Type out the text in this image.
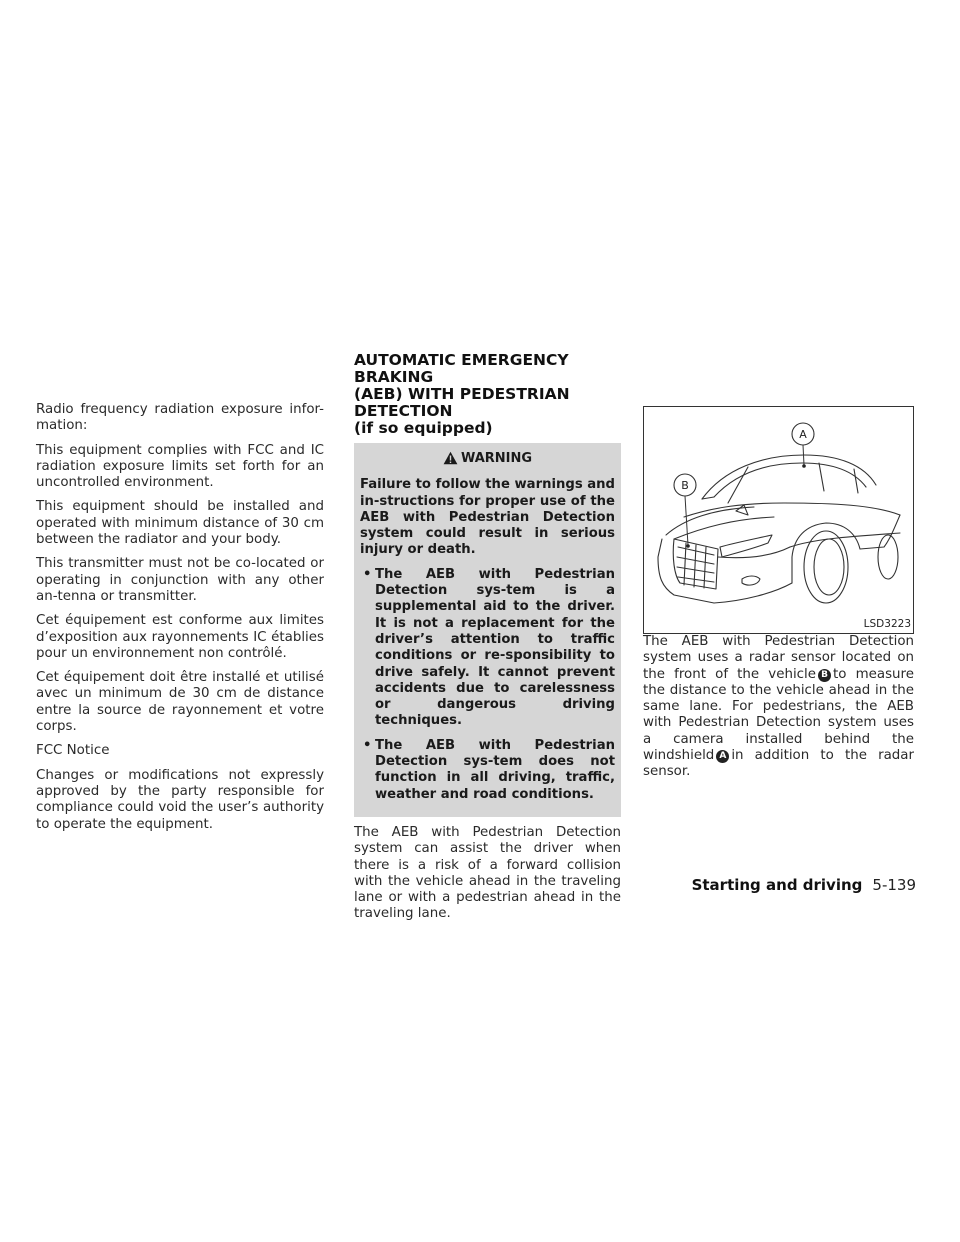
Radio frequency radiation exposure infor-mation:

This equipment complies with FCC and IC radiation exposure limits set forth for an uncontrolled environment.

This equipment should be installed and operated with minimum distance of 30 cm between the radiator and your body.

This transmitter must not be co-located or operating in conjunction with any other an-tenna or transmitter.

Cet équipement est conforme aux limites d’exposition aux rayonnements IC établies pour un environnement non contrôlé.

Cet équipement doit être installé et utilisé avec un minimum de 30 cm de distance entre la source de rayonnement et votre corps.

FCC Notice

Changes or modifications not expressly approved by the party responsible for compliance could void the user’s authority to operate the equipment.

AUTOMATIC EMERGENCY BRAKING
(AEB) WITH PEDESTRIAN DETECTION
(if so equipped)
WARNING

Failure to follow the warnings and in-structions for proper use of the AEB with Pedestrian Detection system could result in serious injury or death.

• The AEB with Pedestrian Detection sys-tem is a supplemental aid to the driver. It is not a replacement for the driver’s attention to traffic conditions or re-sponsibility to drive safely. It cannot prevent accidents due to carelessness or dangerous driving techniques.
• The AEB with Pedestrian Detection sys-tem does not function in all driving, traffic, weather and road conditions.

The AEB with Pedestrian Detection system can assist the driver when there is a risk of a forward collision with the vehicle ahead in the traveling lane or with a pedestrian ahead in the traveling lane.

A
B
LSD3223

The AEB with Pedestrian Detection system uses a radar sensor located on the front of the vehicle B to measure the distance to the vehicle ahead in the same lane. For pedestrians, the AEB with Pedestrian Detection system uses a camera installed behind the windshield A in addition to the radar sensor.

Starting and driving 5-139
